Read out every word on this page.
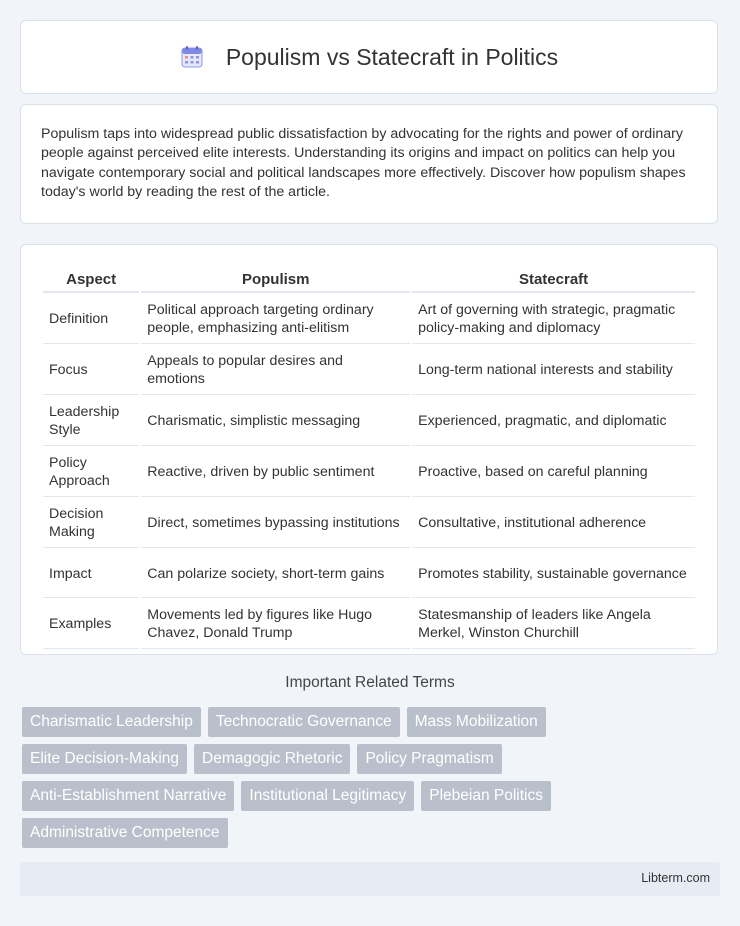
Populism vs Statecraft in Politics

Populism taps into widespread public dissatisfaction by advocating for the rights and power of ordinary people against perceived elite interests. Understanding its origins and impact on politics can help you navigate contemporary social and political landscapes more effectively. Discover how populism shapes today's world by reading the rest of the article.

Aspect	Populism	Statecraft
Definition	Political approach targeting ordinary people, emphasizing anti-elitism	Art of governing with strategic, pragmatic policy-making and diplomacy
Focus	Appeals to popular desires and emotions	Long-term national interests and stability
Leadership Style	Charismatic, simplistic messaging	Experienced, pragmatic, and diplomatic
Policy Approach	Reactive, driven by public sentiment	Proactive, based on careful planning
Decision Making	Direct, sometimes bypassing institutions	Consultative, institutional adherence
Impact	Can polarize society, short-term gains	Promotes stability, sustainable governance
Examples	Movements led by figures like Hugo Chavez, Donald Trump	Statesmanship of leaders like Angela Merkel, Winston Churchill
Important Related Terms
Charismatic Leadership	Technocratic Governance	Mass Mobilization
Elite Decision-Making	Demagogic Rhetoric	Policy Pragmatism
Anti-Establishment Narrative	Institutional Legitimacy	Plebeian Politics
Administrative Competence
Libterm.com
